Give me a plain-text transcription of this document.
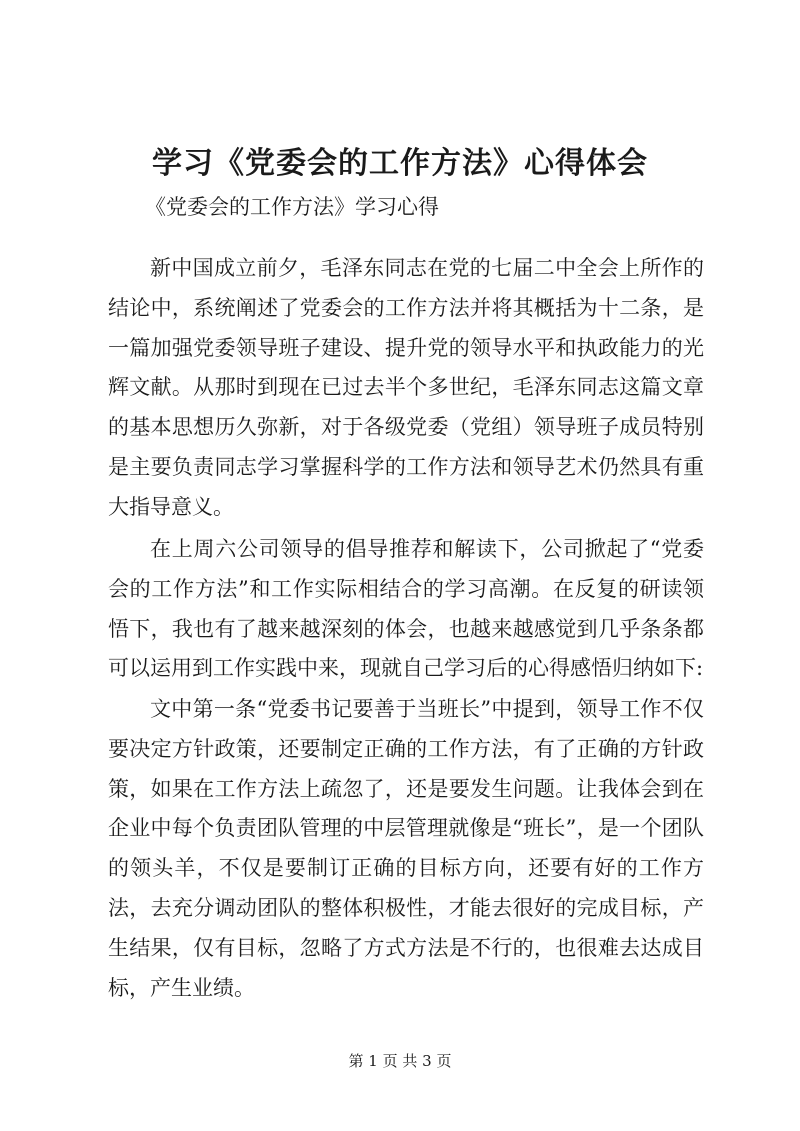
学习《党委会的工作方法》心得体会
《党委会的工作方法》学习心得

新中国成立前夕，毛泽东同志在党的七届二中全会上所作的结论中，系统阐述了党委会的工作方法并将其概括为十二条，是一篇加强党委领导班子建设、提升党的领导水平和执政能力的光辉文献。从那时到现在已过去半个多世纪，毛泽东同志这篇文章的基本思想历久弥新，对于各级党委（党组）领导班子成员特别是主要负责同志学习掌握科学的工作方法和领导艺术仍然具有重大指导意义。

在上周六公司领导的倡导推荐和解读下，公司掀起了“党委会的工作方法”和工作实际相结合的学习高潮。在反复的研读领悟下，我也有了越来越深刻的体会，也越来越感觉到几乎条条都可以运用到工作实践中来，现就自己学习后的心得感悟归纳如下:

文中第一条“党委书记要善于当班长”中提到，领导工作不仅要决定方针政策，还要制定正确的工作方法，有了正确的方针政策，如果在工作方法上疏忽了，还是要发生问题。让我体会到在企业中每个负责团队管理的中层管理就像是“班长”，是一个团队的领头羊，不仅是要制订正确的目标方向，还要有好的工作方法，去充分调动团队的整体积极性，才能去很好的完成目标，产生结果，仅有目标，忽略了方式方法是不行的，也很难去达成目标，产生业绩。

第 1 页 共 3 页
